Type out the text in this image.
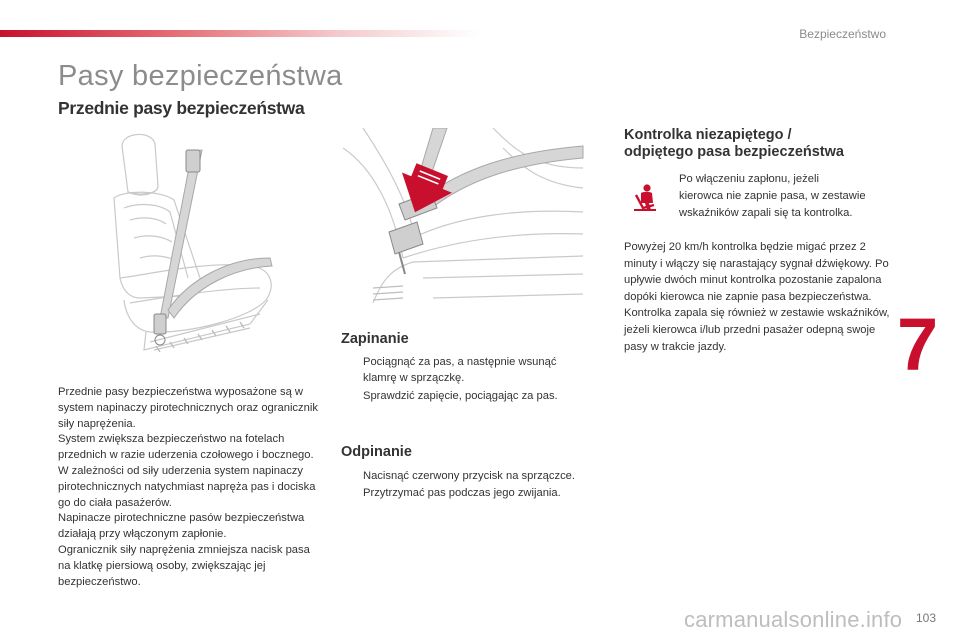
Bezpieczeństwo
Pasy bezpieczeństwa
Przednie pasy bezpieczeństwa

Przednie pasy bezpieczeństwa wyposażone są w system napinaczy pirotechnicznych oraz ogranicznik siły naprężenia.

System zwiększa bezpieczeństwo na fotelach przednich w razie uderzenia czołowego i bocznego. W zależności od siły uderzenia system napinaczy pirotechnicznych natychmiast napręża pas i dociska go do ciała pasażerów.

Napinacze pirotechniczne pasów bezpieczeństwa działają przy włączonym zapłonie.

Ogranicznik siły naprężenia zmniejsza nacisk pasa na klatkę piersiową osoby, zwiększając jej bezpieczeństwo.

Zapinanie
Pociągnąć za pas, a następnie wsunąć klamrę w sprzączkę.
Sprawdzić zapięcie, pociągając za pas.
Odpinanie
Nacisnąć czerwony przycisk na sprzączce.
Przytrzymać pas podczas jego zwijania.
Kontrolka niezapiętego /
odpiętego pasa bezpieczeństwa
Po włączeniu zapłonu, jeżeli
kierowca nie zapnie pasa, w zestawie
wskaźników zapali się ta kontrolka.

Powyżej 20 km/h kontrolka będzie migać przez 2 minuty i włączy się narastający sygnał dźwiękowy. Po upływie dwóch minut kontrolka pozostanie zapalona dopóki kierowca nie zapnie pasa bezpieczeństwa.

Kontrolka zapala się również w zestawie wskaźników, jeżeli kierowca i/lub przedni pasażer odepną swoje pasy w trakcie jazdy.	7
103
carmanualsonline.info
